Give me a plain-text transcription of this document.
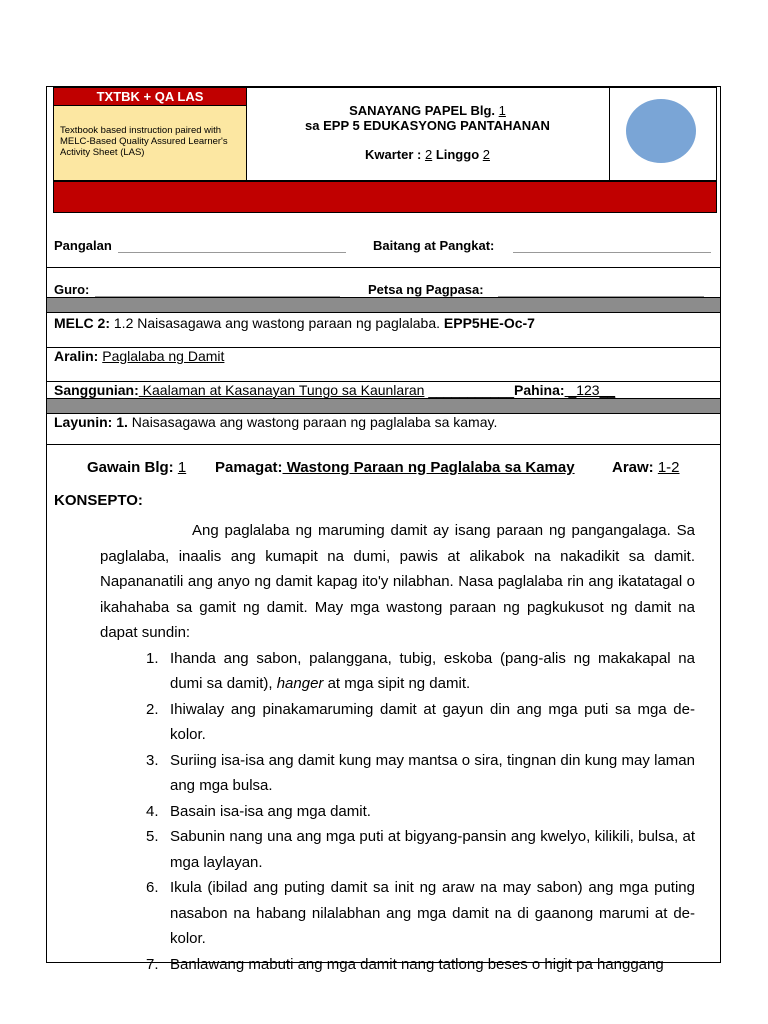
TXTBK + QA LAS
Textbook based instruction paired with MELC-Based Quality Assured Learner's Activity Sheet (LAS)
SANAYANG PAPEL Blg. 1
sa EPP 5 EDUKASYONG PANTAHANAN
Kwarter : 2 Linggo 2
Pangalan	Baitang at Pangkat:
Guro:	Petsa ng Pagpasa:
MELC 2: 1.2 Naisasagawa ang wastong paraan ng paglalaba. EPP5HE-Oc-7
Aralin: Paglalaba ng Damit
Sanggunian: Kaalaman at Kasanayan Tungo sa Kaunlaran ___________Pahina: _123__
Layunin: 1. Naisasagawa ang wastong paraan ng paglalaba sa kamay.
Gawain Blg: 1 Pamagat: Wastong Paraan ng Paglalaba sa Kamay Araw: 1-2
KONSEPTO:

Ang paglalaba ng maruming damit ay isang paraan ng pangangalaga. Sa paglalaba, inaalis ang kumapit na dumi, pawis at alikabok na nakadikit sa damit. Napananatili ang anyo ng damit kapag ito'y nilabhan. Nasa paglalaba rin ang ikatatagal o ikahahaba sa gamit ng damit. May mga wastong paraan ng pagkukusot ng damit na dapat sundin:

1. Ihanda ang sabon, palanggana, tubig, eskoba (pang-alis ng makakapal na dumi sa damit), hanger at mga sipit ng damit.
2. Ihiwalay ang pinakamaruming damit at gayun din ang mga puti sa mga de-kolor.
3. Suriing isa-isa ang damit kung may mantsa o sira, tingnan din kung may laman ang mga bulsa.
4. Basain isa-isa ang mga damit.
5. Sabunin nang una ang mga puti at bigyang-pansin ang kwelyo, kilikili, bulsa, at mga laylayan.
6. Ikula (ibilad ang puting damit sa init ng araw na may sabon) ang mga puting nasabon na habang nilalabhan ang mga damit na di gaanong marumi at de-kolor.
7. Banlawang mabuti ang mga damit nang tatlong beses o higit pa hanggang
